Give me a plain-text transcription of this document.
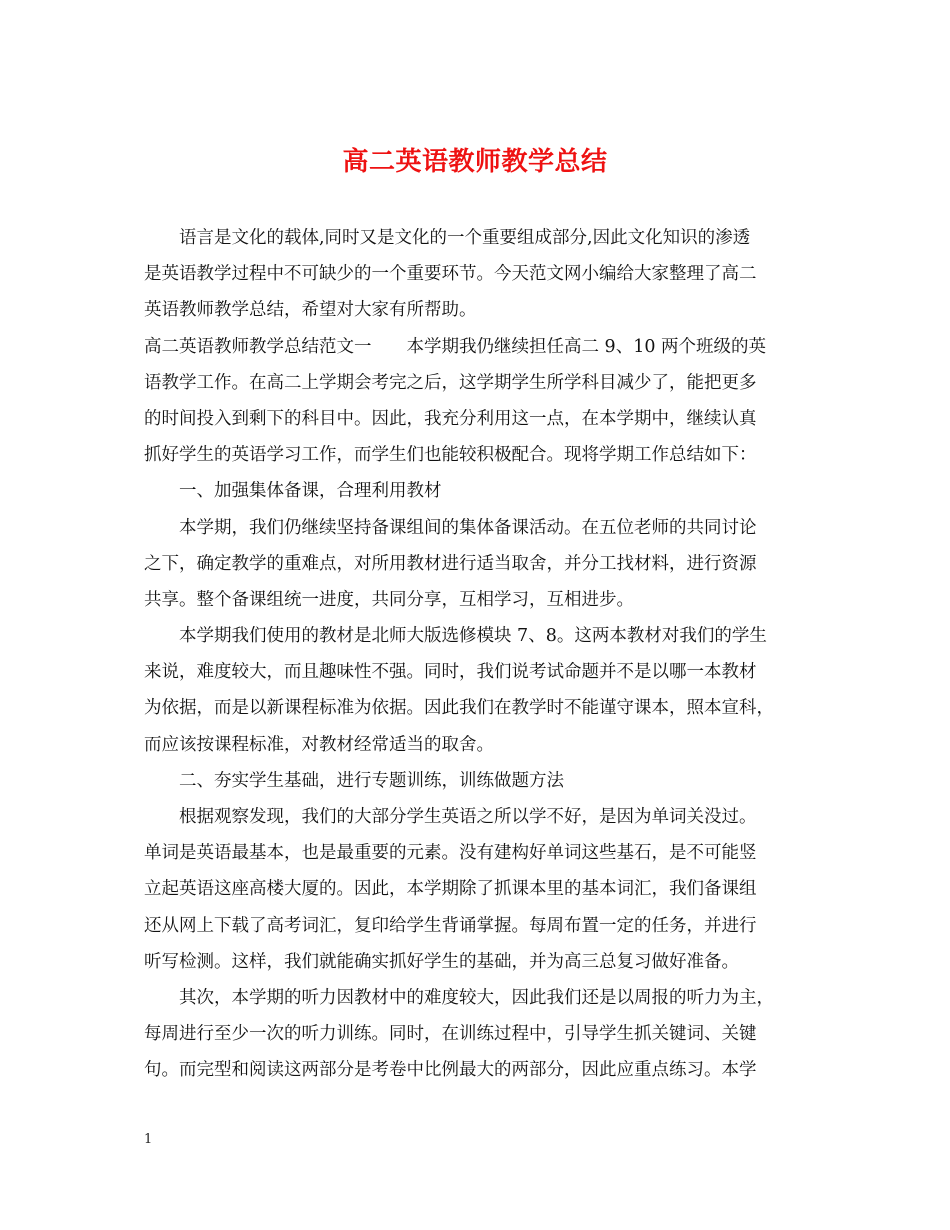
高二英语教师教学总结
语言是文化的载体,同时又是文化的一个重要组成部分,因此文化知识的渗透
是英语教学过程中不可缺少的一个重要环节。今天范文网小编给大家整理了高二
英语教师教学总结，希望对大家有所帮助。
高二英语教师教学总结范文一　　本学期我仍继续担任高二 9、10 两个班级的英
语教学工作。在高二上学期会考完之后，这学期学生所学科目减少了，能把更多
的时间投入到剩下的科目中。因此，我充分利用这一点，在本学期中，继续认真
抓好学生的英语学习工作，而学生们也能较积极配合。现将学期工作总结如下：
一、加强集体备课，合理利用教材
本学期，我们仍继续坚持备课组间的集体备课活动。在五位老师的共同讨论
之下，确定教学的重难点，对所用教材进行适当取舍，并分工找材料，进行资源
共享。整个备课组统一进度，共同分享，互相学习，互相进步。
本学期我们使用的教材是北师大版选修模块 7、8。这两本教材对我们的学生
来说，难度较大，而且趣味性不强。同时，我们说考试命题并不是以哪一本教材
为依据，而是以新课程标准为依据。因此我们在教学时不能谨守课本，照本宣科，
而应该按课程标准，对教材经常适当的取舍。
二、夯实学生基础，进行专题训练，训练做题方法
根据观察发现，我们的大部分学生英语之所以学不好，是因为单词关没过。
单词是英语最基本，也是最重要的元素。没有建构好单词这些基石，是不可能竖
立起英语这座高楼大厦的。因此，本学期除了抓课本里的基本词汇，我们备课组
还从网上下载了高考词汇，复印给学生背诵掌握。每周布置一定的任务，并进行
听写检测。这样，我们就能确实抓好学生的基础，并为高三总复习做好准备。
其次，本学期的听力因教材中的难度较大，因此我们还是以周报的听力为主，
每周进行至少一次的听力训练。同时，在训练过程中，引导学生抓关键词、关键
句。而完型和阅读这两部分是考卷中比例最大的两部分，因此应重点练习。本学
1
